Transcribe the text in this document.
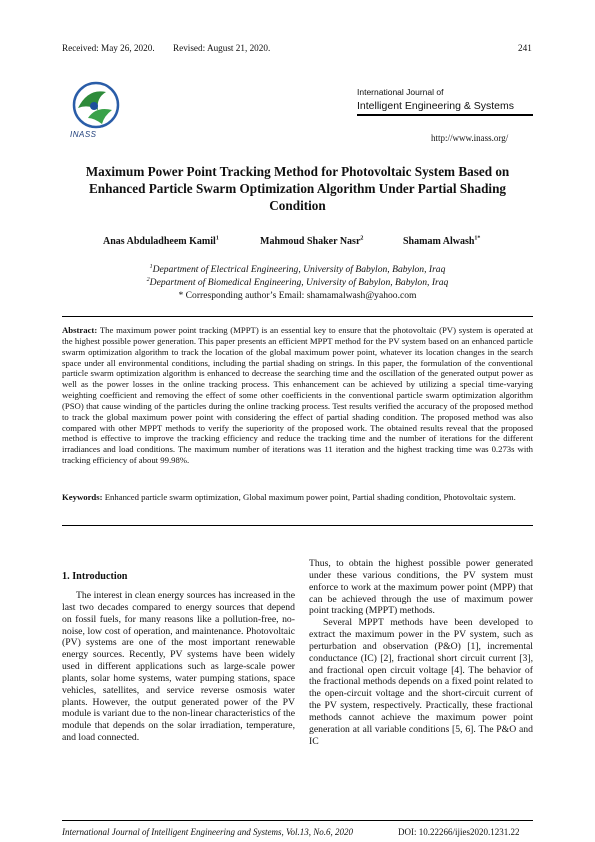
Received: May 26, 2020. Revised: August 21, 2020.	241
INASS
International Journal of
Intelligent Engineering & Systems
http://www.inass.org/
Maximum Power Point Tracking Method for Photovoltaic System Based on Enhanced Particle Swarm Optimization Algorithm Under Partial Shading Condition
Anas Abduladheem Kamil$^1$	Mahmoud Shaker Nasr$^2$	Shamam Alwash$^{1*}$
$^1$Department of Electrical Engineering, University of Babylon, Babylon, Iraq
$^2$Department of Biomedical Engineering, University of Babylon, Babylon, Iraq
* Corresponding author’s Email: shamamalwash@yahoo.com
Abstract: The maximum power point tracking (MPPT) is an essential key to ensure that the photovoltaic (PV) system is operated at the highest possible power generation. This paper presents an efficient MPPT method for the PV system based on an enhanced particle swarm optimization algorithm to track the location of the global maximum power point, whatever its location changes in the search space under all environmental conditions, including the partial shading on strings. In this paper, the formulation of the conventional particle swarm optimization algorithm is enhanced to decrease the searching time and the oscillation of the generated output power as well as the power losses in the online tracking process. This enhancement can be achieved by utilizing a special time-varying weighting coefficient and removing the effect of some other coefficients in the conventional particle swarm optimization algorithm (PSO) that cause winding of the particles during the online tracking process. Test results verified the accuracy of the proposed method to track the global maximum power point with considering the effect of partial shading condition. The proposed method was also compared with other MPPT methods to verify the superiority of the proposed work. The obtained results reveal that the proposed method is effective to improve the tracking efficiency and reduce the tracking time and the number of iterations for the different irradiances and load conditions. The maximum number of iterations was 11 iteration and the highest tracking time was 0.273s with tracking efficiency of about 99.98%.
Keywords: Enhanced particle swarm optimization, Global maximum power point, Partial shading condition, Photovoltaic system.
1. Introduction

The interest in clean energy sources has increased in the last two decades compared to energy sources that depend on fossil fuels, for many reasons like a pollution-free, no-noise, low cost of operation, and maintenance. Photovoltaic (PV) systems are one of the most important renewable energy sources. Recently, PV systems have been widely used in different applications such as large-scale power plants, solar home systems, water pumping stations, space vehicles, satellites, and service reverse osmosis water plants. However, the output generated power of the PV module is variant due to the non-linear characteristics of the module that depends on the solar irradiation, temperature, and load connected.

Thus, to obtain the highest possible power generated under these various conditions, the PV system must enforce to work at the maximum power point (MPP) that can be achieved through the use of maximum power point tracking (MPPT) methods.

Several MPPT methods have been developed to extract the maximum power in the PV system, such as perturbation and observation (P&O) [1], incremental conductance (IC) [2], fractional short circuit current [3], and fractional open circuit voltage [4]. The behavior of the fractional methods depends on a fixed point related to the open-circuit voltage and the short-circuit current of the PV system, respectively. Practically, these fractional methods cannot achieve the maximum power point generation at all variable conditions [5, 6]. The P&O and IC

International Journal of Intelligent Engineering and Systems, Vol.13, No.6, 2020	DOI: 10.22266/ijies2020.1231.22
